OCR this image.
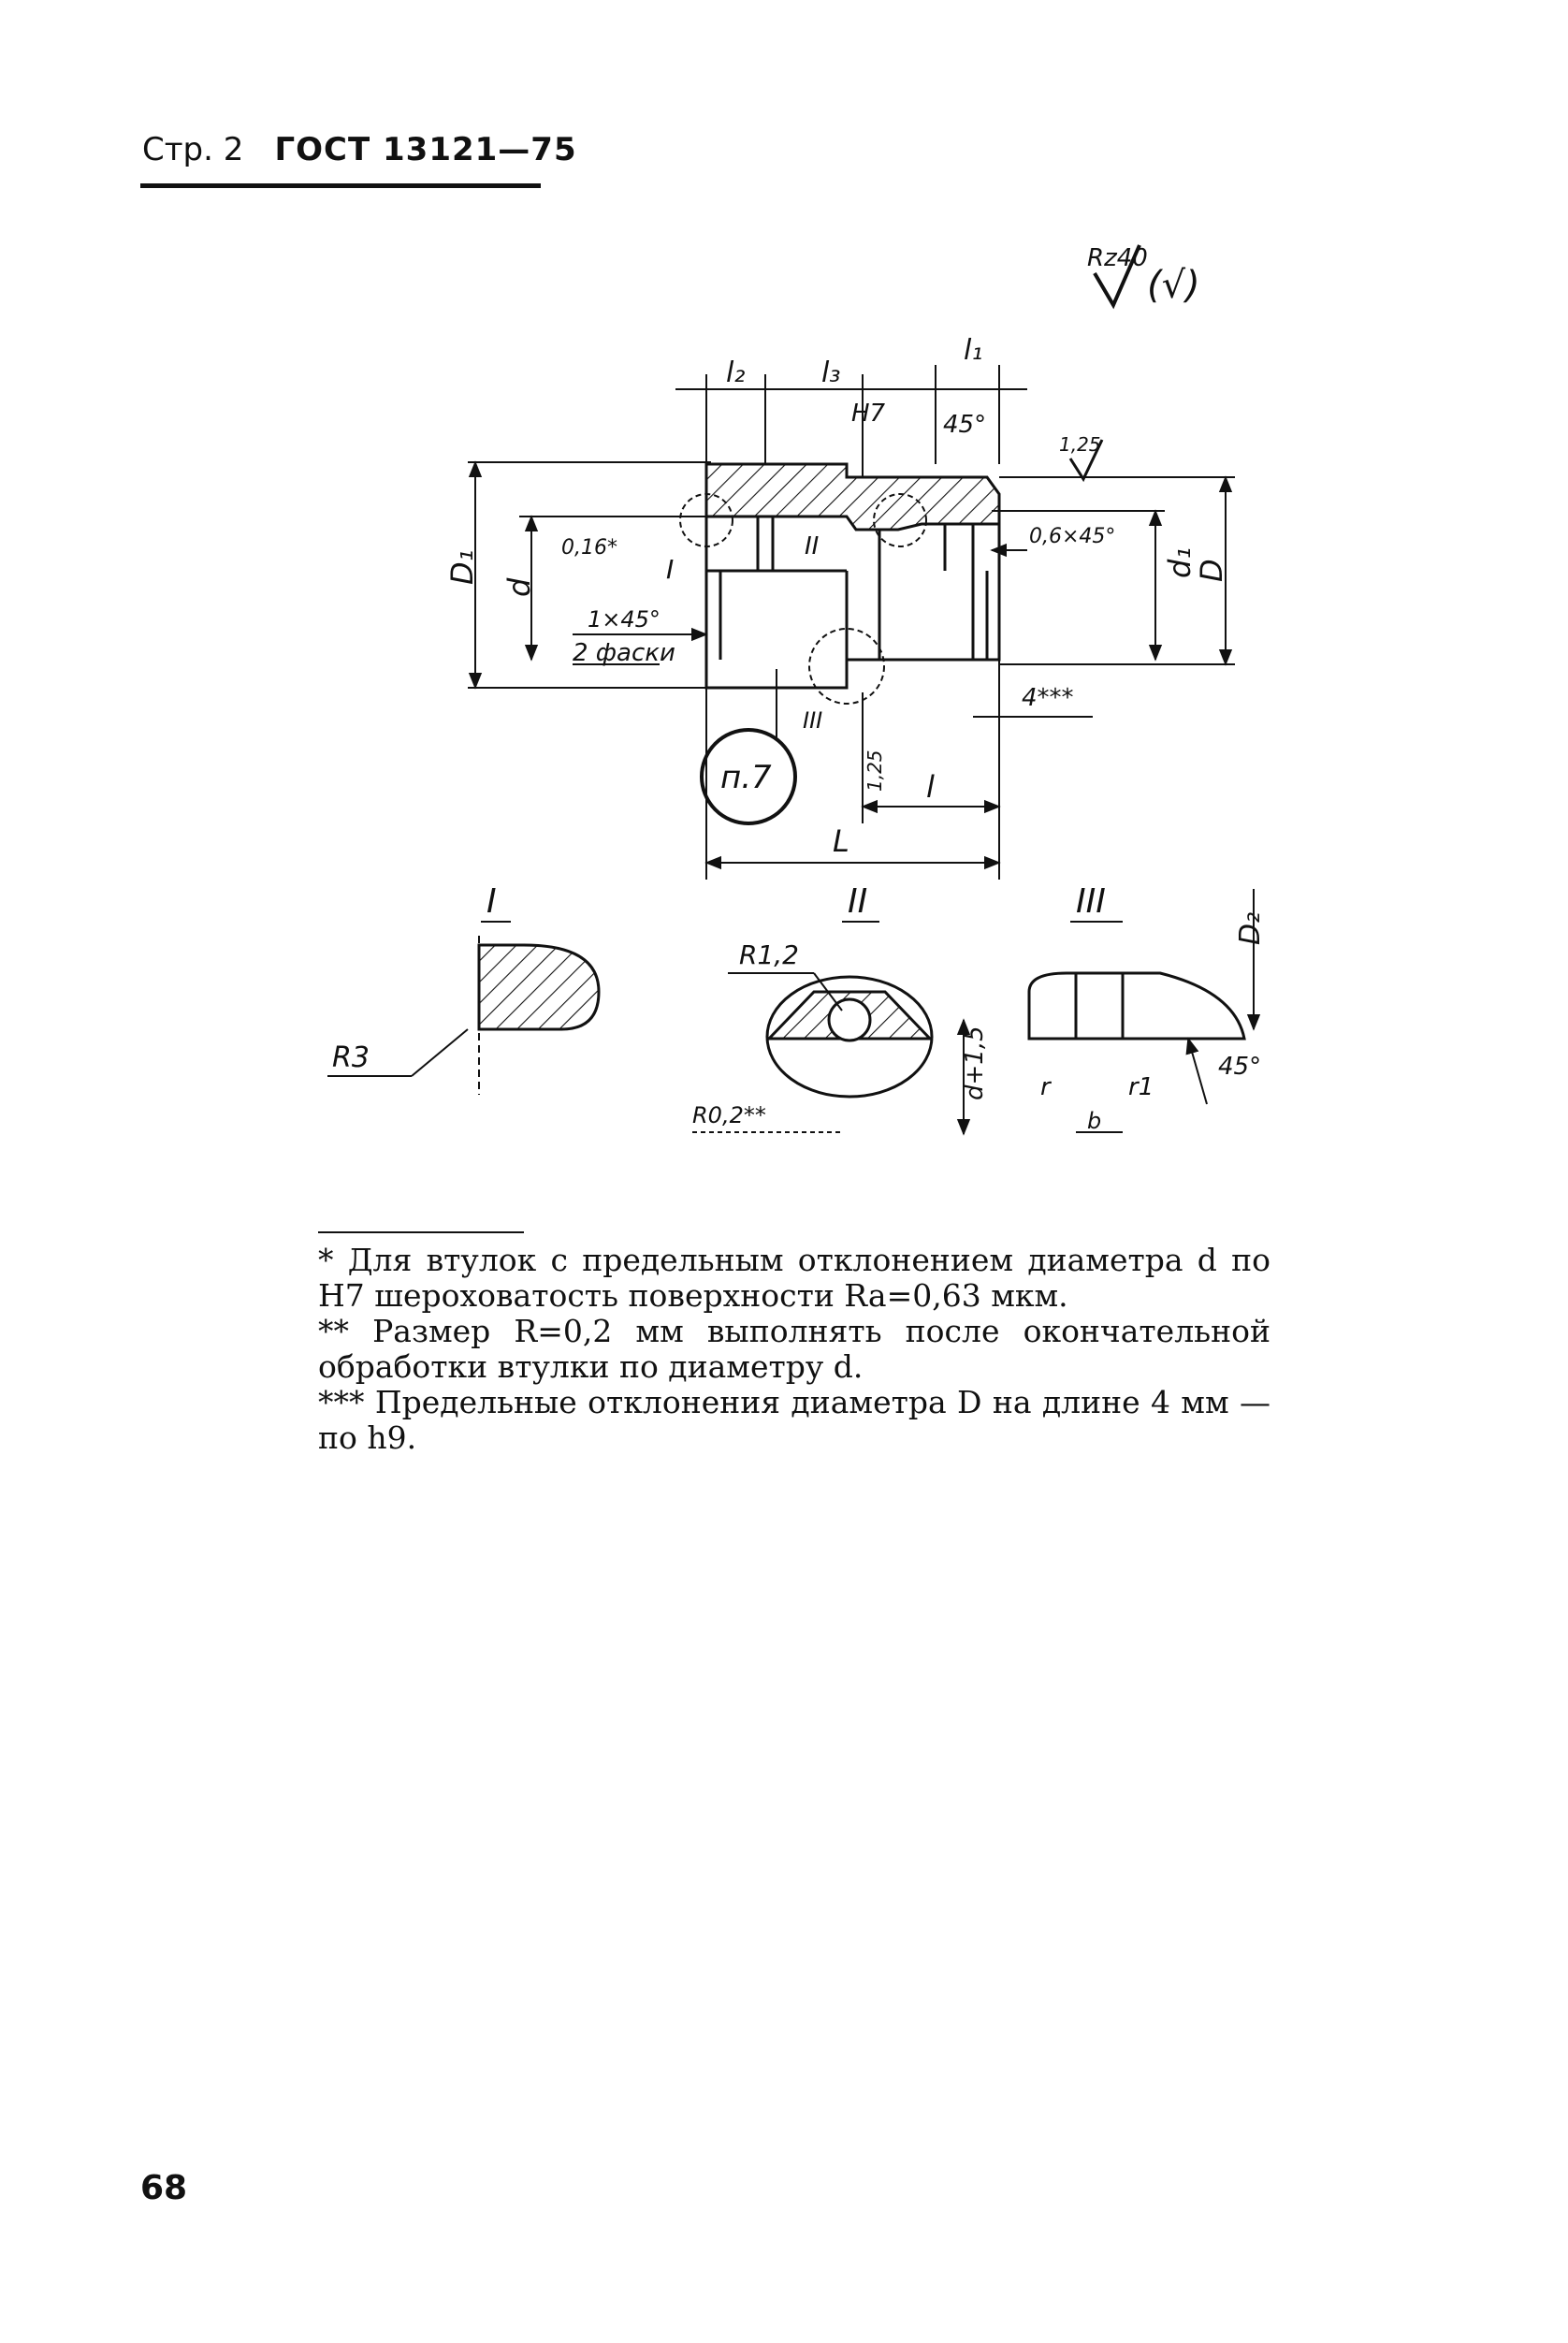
Стр. 2 ГОСТ 13121—75
Rz40
(√)
l₂	l₃
l₁
H7 45°
1,25
0,16*
I
II	0,6×45°
D₁
d
d₁
D
1×45°
2 фаски
4***
III
п.7	1,25 l
L
I
R3
II
R1,2
d+1,5
R0,2**
III
D₂
45°
r	r1
b

* Для втулок с предельным отклонением диаметра d по H7 шероховатость поверхности Ra=0,63 мкм.

** Размер R=0,2 мм выполнять после окончательной обработки втулки по диаметру d.

*** Предельные отклонения диаметра D на длине 4 мм — по h9.

68
